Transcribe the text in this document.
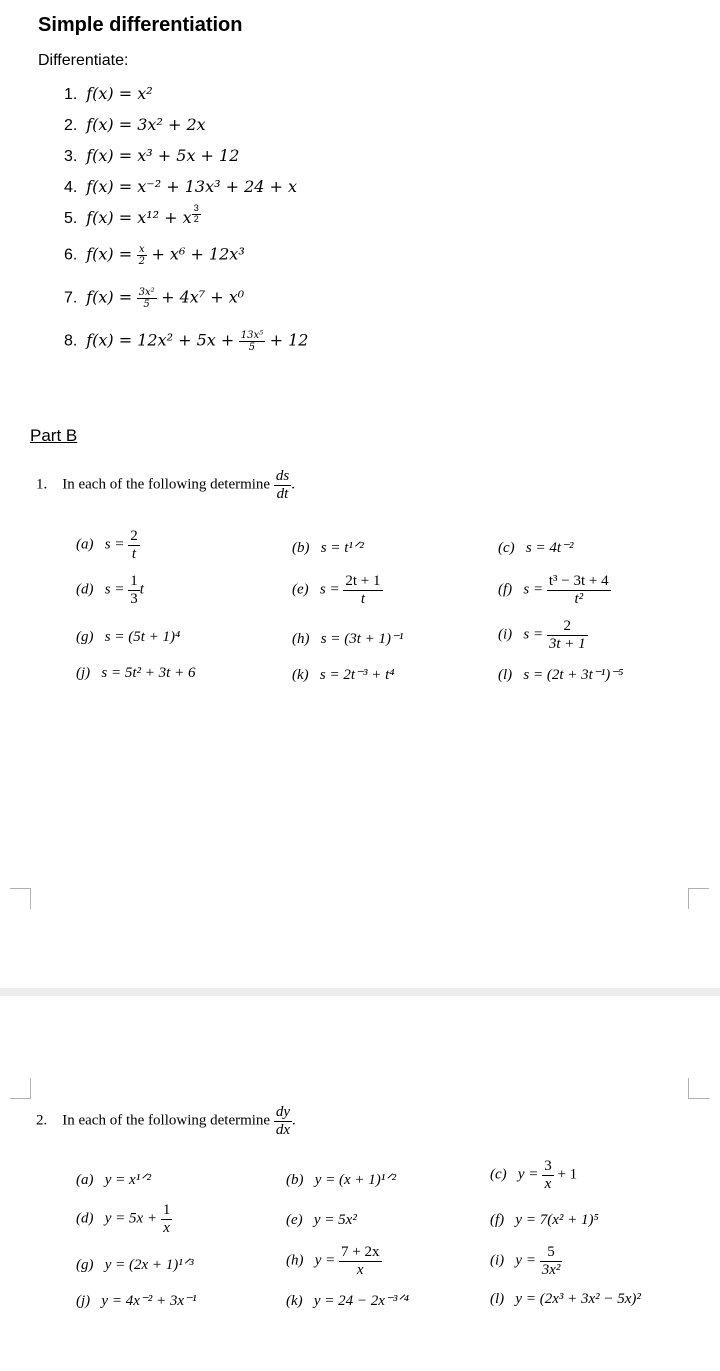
Simple differentiation
Differentiate:
1. f(x) = x²
2. f(x) = 3x² + 2x
3. f(x) = x³ + 5x + 12
4. f(x) = x⁻² + 13x³ + 24 + x
5. f(x) = x¹² + x $\frac{3}{2}$
6. $f(x) = \frac{x}{2} + x^6 + 12x^3$
7. $f(x) = \frac{\text{3x²}}{5} + 4x^7 + x^0$
8. $f(x) = 12x^2 + 5x + \frac{\text{13x⁵}}{5} + 12$
Part B
1. In each of the following determine $\frac{ds}{dt}$ .
(a) $s = \frac{2}{t}$	(b) s = t¹ᐟ²	(c) s = 4t⁻²
(d) $s = \frac{1}{3}$ t	(e) $s = \frac{2t + 1}{t}$	(f) $s = \frac{\text{t³ − 3t + 4}}{\text{t²}}$
(g) s = (5t + 1)⁴	(h) s = (3t + 1)⁻¹	(i) $s = \frac{2}{3t + 1}$
(j) s = 5t² + 3t + 6	(k) s = 2t⁻³ + t⁴	(l) s = (2t + 3t⁻¹)⁻⁵
2. In each of the following determine $\frac{dy}{dx}$ .
(a) y = x¹ᐟ²	(b) y = (x + 1)¹ᐟ²	(c) $y = \frac{3}{x} + 1$
(d) $y = 5x + \frac{1}{x}$	(e) y = 5x²	(f) y = 7(x² + 1)⁵
(g) y = (2x + 1)¹ᐟ³	(h) $y = \frac{7 + 2x}{x}$	(i) $y = \frac{5}{\text{3x²}}$
(j) y = 4x⁻² + 3x⁻¹	(k) y = 24 − 2x⁻³ᐟ⁴	(l) y = (2x³ + 3x² − 5x)²
